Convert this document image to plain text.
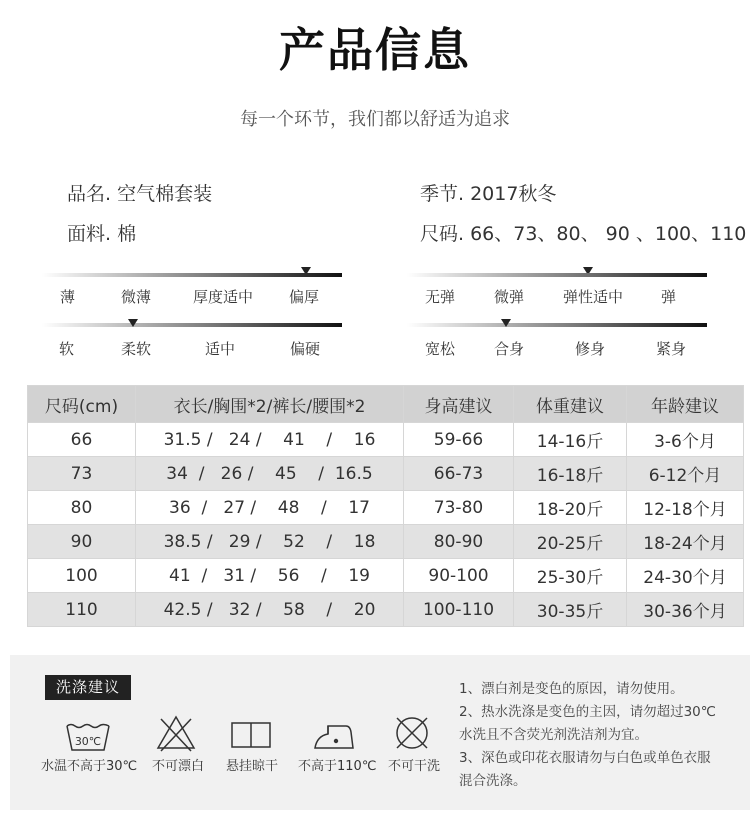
产品信息
每一个环节，我们都以舒适为追求
品名. 空气棉套装	季节. 2017秋冬
面料. 棉	尺码. 66、73、80、 90 、100、110
薄	微薄	厚度适中 偏厚	无弹	微弹	弹性适中	弹
软	柔软	适中	偏硬	宽松	合身	修身	紧身
尺码(cm)	衣长/胸围*2/裤长/腰围*2	身高建议	体重建议	年龄建议
66	31.5 /   24 /    41    /    16	59-66	14-16斤	3-6个月
73	34  /   26 /    45    /  16.5	66-73	16-18斤	6-12个月
80	36  /   27 /    48    /    17	73-80	18-20斤	12-18个月
90	38.5 /   29 /    52    /    18	80-90	20-25斤	18-24个月
100	41  /   31 /    56    /    19	90-100	25-30斤	24-30个月
110	42.5 /   32 /    58    /    20	100-110	30-35斤	30-36个月
洗涤建议
30℃
水温不高于30℃ 不可漂白 悬挂晾干 不高于110℃ 不可干洗
1、漂白剂是变色的原因，请勿使用。
2、热水洗涤是变色的主因，请勿超过30℃
水洗且不含荧光剂洗洁剂为宜。
3、深色或印花衣服请勿与白色或单色衣服
混合洗涤。
